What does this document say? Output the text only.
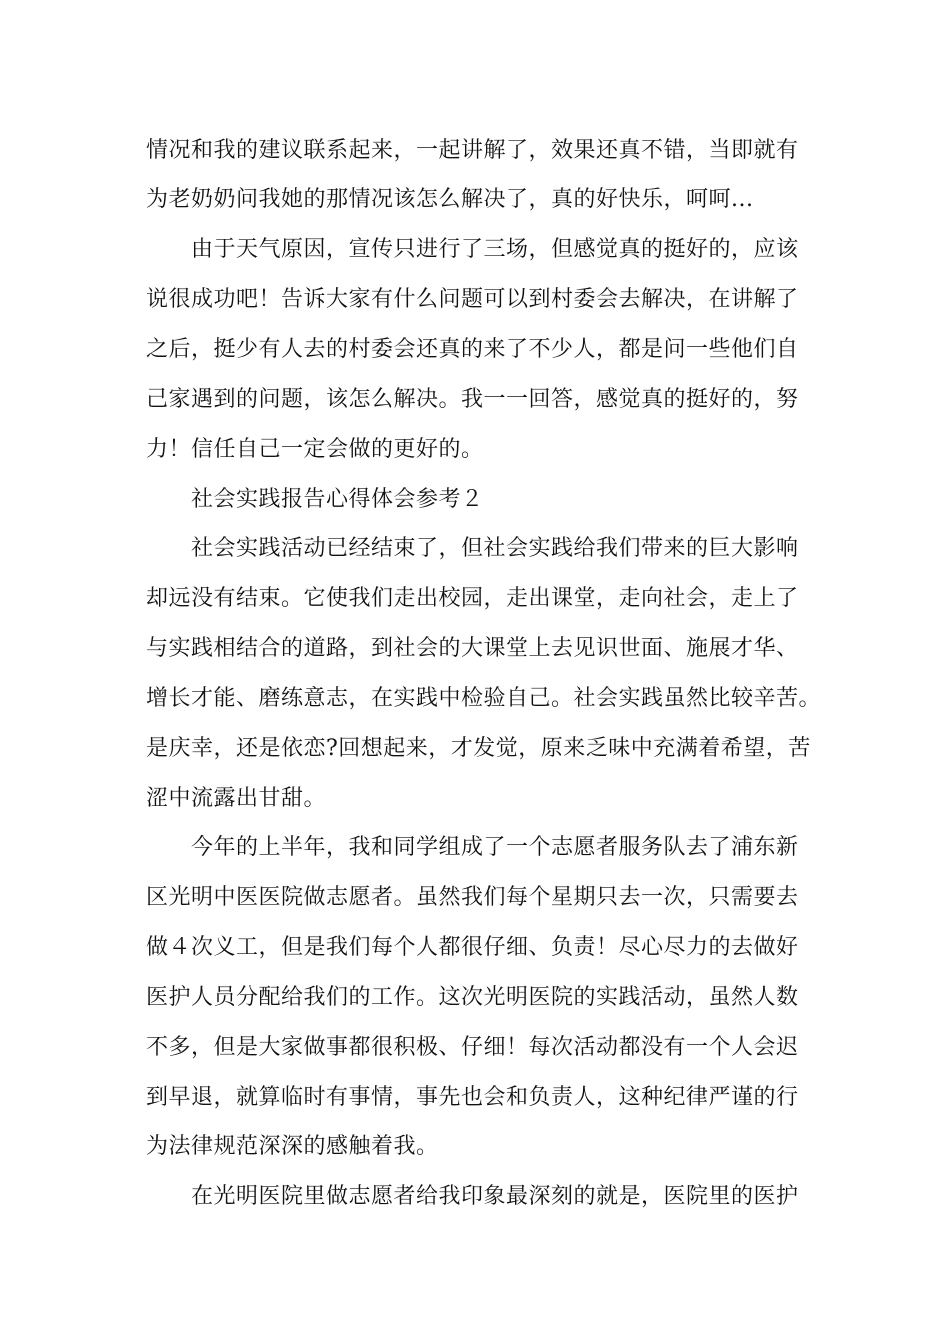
情况和我的建议联系起来，一起讲解了，效果还真不错，当即就有
为老奶奶问我她的那情况该怎么解决了，真的好快乐，呵呵...
由于天气原因，宣传只进行了三场，但感觉真的挺好的，应该
说很成功吧！告诉大家有什么问题可以到村委会去解决，在讲解了
之后，挺少有人去的村委会还真的来了不少人，都是问一些他们自
己家遇到的问题，该怎么解决。我一一回答，感觉真的挺好的，努
力！信任自己一定会做的更好的。
社会实践报告心得体会参考２
社会实践活动已经结束了，但社会实践给我们带来的巨大影响
却远没有结束。它使我们走出校园，走出课堂，走向社会，走上了
与实践相结合的道路，到社会的大课堂上去见识世面、施展才华、
增长才能、磨练意志，在实践中检验自己。社会实践虽然比较辛苦。
是庆幸，还是依恋?回想起来，才发觉，原来乏味中充满着希望，苦
涩中流露出甘甜。
今年的上半年，我和同学组成了一个志愿者服务队去了浦东新
区光明中医医院做志愿者。虽然我们每个星期只去一次，只需要去
做４次义工，但是我们每个人都很仔细、负责！尽心尽力的去做好
医护人员分配给我们的工作。这次光明医院的实践活动，虽然人数
不多，但是大家做事都很积极、仔细！每次活动都没有一个人会迟
到早退，就算临时有事情，事先也会和负责人，这种纪律严谨的行
为法律规范深深的感触着我。
在光明医院里做志愿者给我印象最深刻的就是，医院里的医护
